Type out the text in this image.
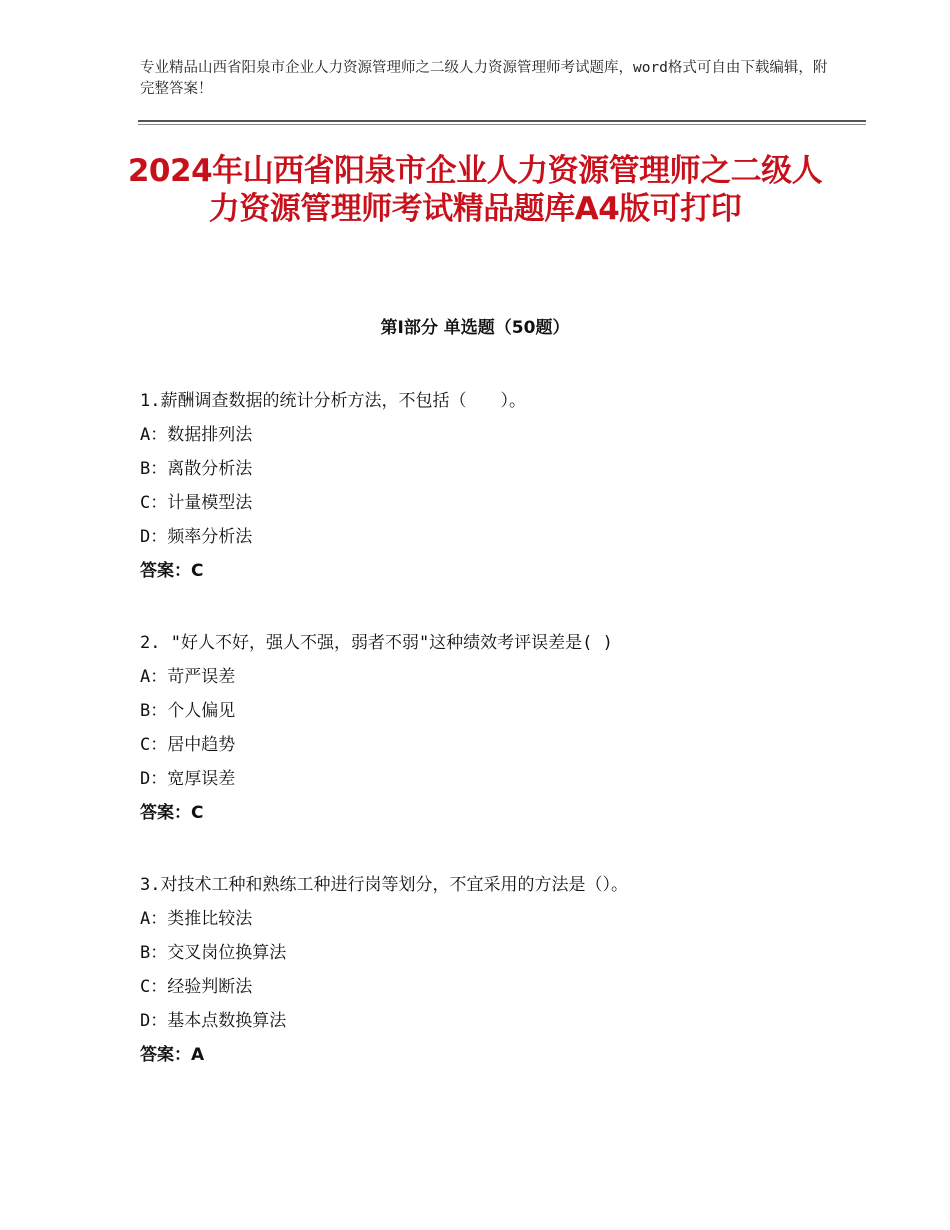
专业精品山西省阳泉市企业人力资源管理师之二级人力资源管理师考试题库，word格式可自由下载编辑，附完整答案！
2024年山西省阳泉市企业人力资源管理师之二级人力资源管理师考试精品题库A4版可打印
第Ⅰ部分 单选题（50题）
1.薪酬调查数据的统计分析方法，不包括（　　）。
A：数据排列法
B：离散分析法
C：计量模型法
D：频率分析法
答案：C
2. "好人不好，强人不强，弱者不弱"这种绩效考评误差是( )
A：苛严误差
B：个人偏见
C：居中趋势
D：宽厚误差
答案：C
3.对技术工种和熟练工种进行岗等划分，不宜采用的方法是（）。
A：类推比较法
B：交叉岗位换算法
C：经验判断法
D：基本点数换算法
答案：A
